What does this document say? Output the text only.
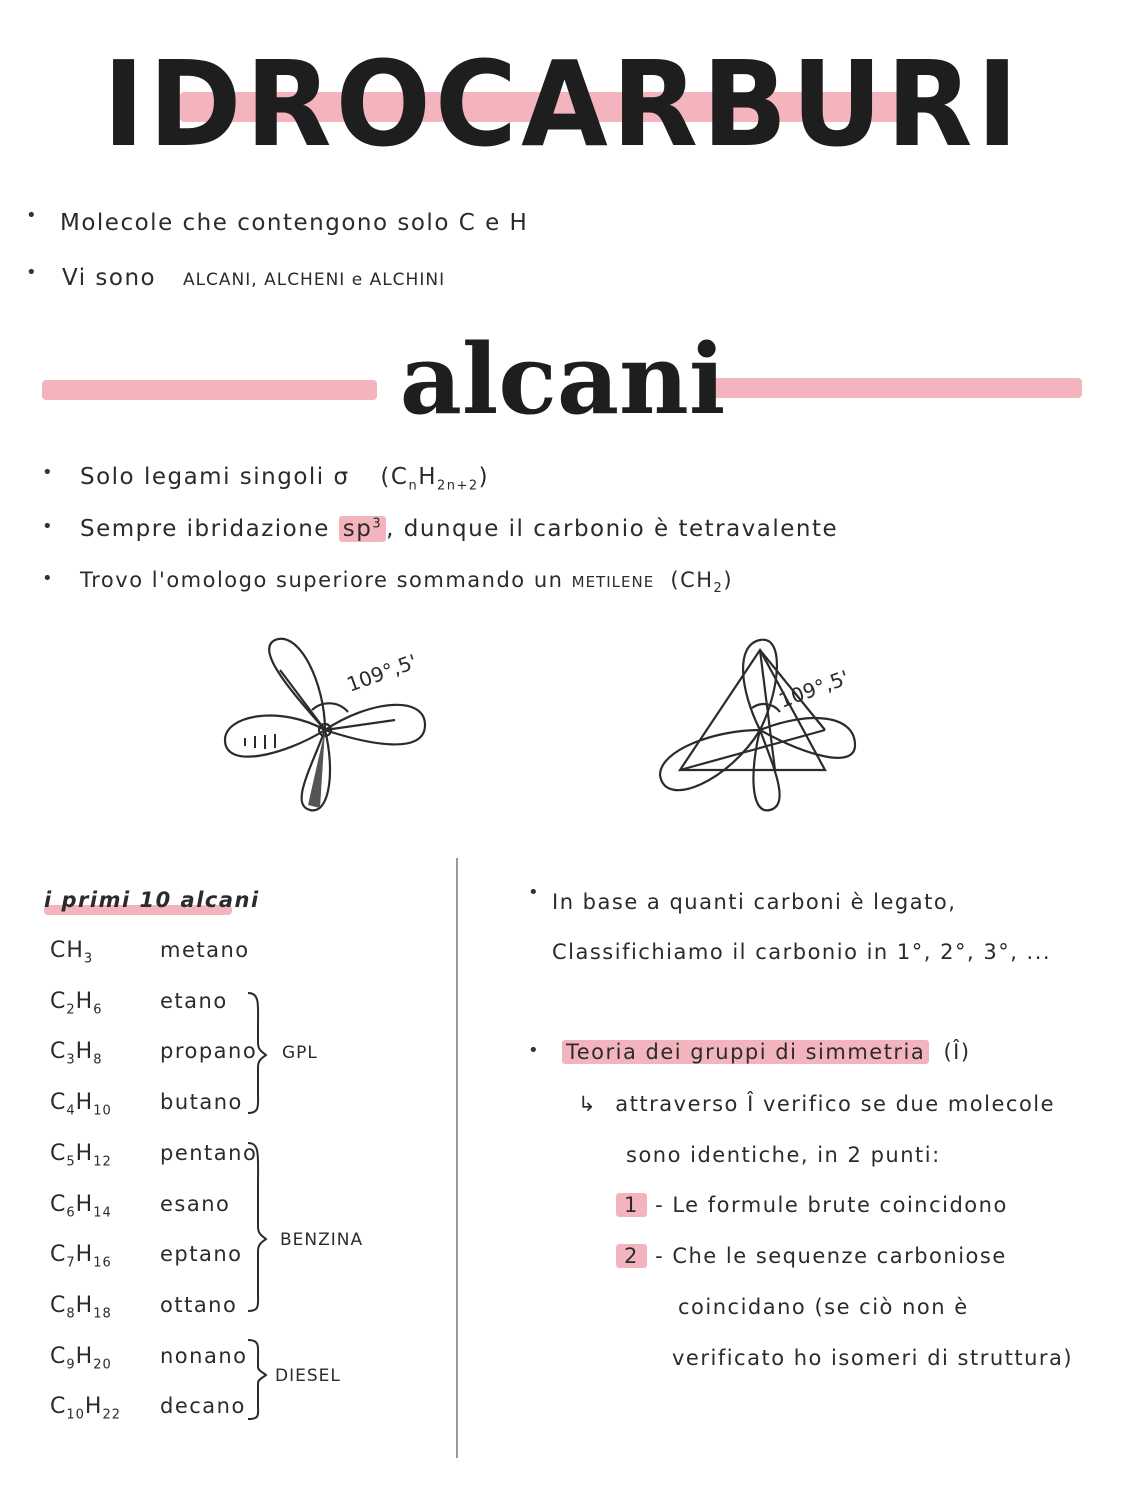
IDROCARBURI
• Molecole che contengono solo C e H
• Vi sono ALCANI, ALCHENI e ALCHINI
alcani
• Solo legami singoli σ $(C_nH_{2n+2})$
• Sempre ibridazione $sp^3$ , dunque il carbonio è tetravalente
• Trovo l'omologo superiore sommando un METILENE $(CH_2)$
109°,5'	109°,5'
i primi 10 alcani
$CH_3$	metano
$C_2H_6$	etano
$C_3H_8$	propano
$C_4H_{10}$ butano
$C_5H_{12}$ pentano
$C_6H_{14}$ esano
$C_7H_{16}$ eptano
$C_8H_{18}$ ottano
$C_9H_{20}$ nonano
$C_{10}H_{22}$ decano
GPL
BENZINA
DIESEL
• In base a quanti carboni è legato,
Classifichiamo il carbonio in 1°, 2°, 3°, ...
• Teoria dei gruppi di simmetria (Î)
↳ attraverso Î verifico se due molecole
sono identiche, in 2 punti:
1 - Le formule brute coincidono
2 - Che le sequenze carboniose
coincidano (se ciò non è
verificato ho isomeri di struttura)
